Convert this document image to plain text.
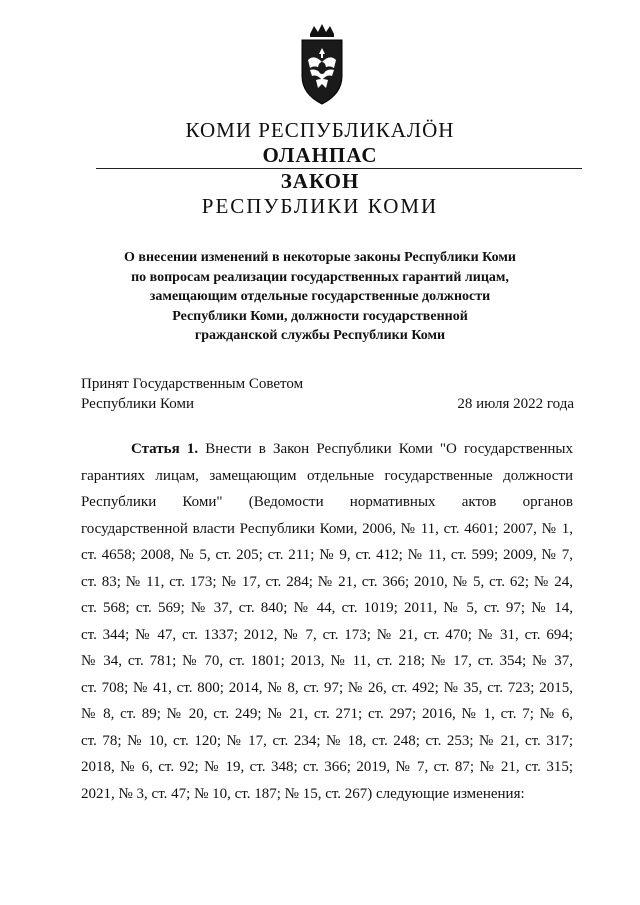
КОМИ РЕСПУБЛИКАЛÖН
ОЛАНПАС
ЗАКОН
РЕСПУБЛИКИ КОМИ
О внесении изменений в некоторые законы Республики Коми
по вопросам реализации государственных гарантий лицам,
замещающим отдельные государственные должности
Республики Коми, должности государственной
гражданской службы Республики Коми
Принят Государственным Советом
Республики Коми	28 июля 2022 года
Статья 1. Внести в Закон Республики Коми "О государственных
гарантиях лицам, замещающим отдельные государственные должности
Республики Коми" (Ведомости нормативных актов органов
государственной власти Республики Коми, 2006, № 11, ст. 4601; 2007, № 1,
ст. 4658; 2008, № 5, ст. 205; ст. 211; № 9, ст. 412; № 11, ст. 599; 2009, № 7,
ст. 83; № 11, ст. 173; № 17, ст. 284; № 21, ст. 366; 2010, № 5, ст. 62; № 24,
ст. 568; ст. 569; № 37, ст. 840; № 44, ст. 1019; 2011, № 5, ст. 97; № 14,
ст. 344; № 47, ст. 1337; 2012, № 7, ст. 173; № 21, ст. 470; № 31, ст. 694;
№ 34, ст. 781; № 70, ст. 1801; 2013, № 11, ст. 218; № 17, ст. 354; № 37,
ст. 708; № 41, ст. 800; 2014, № 8, ст. 97; № 26, ст. 492; № 35, ст. 723; 2015,
№ 8, ст. 89; № 20, ст. 249; № 21, ст. 271; ст. 297; 2016, № 1, ст. 7; № 6,
ст. 78; № 10, ст. 120; № 17, ст. 234; № 18, ст. 248; ст. 253; № 21, ст. 317;
2018, № 6, ст. 92; № 19, ст. 348; ст. 366; 2019, № 7, ст. 87; № 21, ст. 315;
2021, № 3, ст. 47; № 10, ст. 187; № 15, ст. 267) следующие изменения:
